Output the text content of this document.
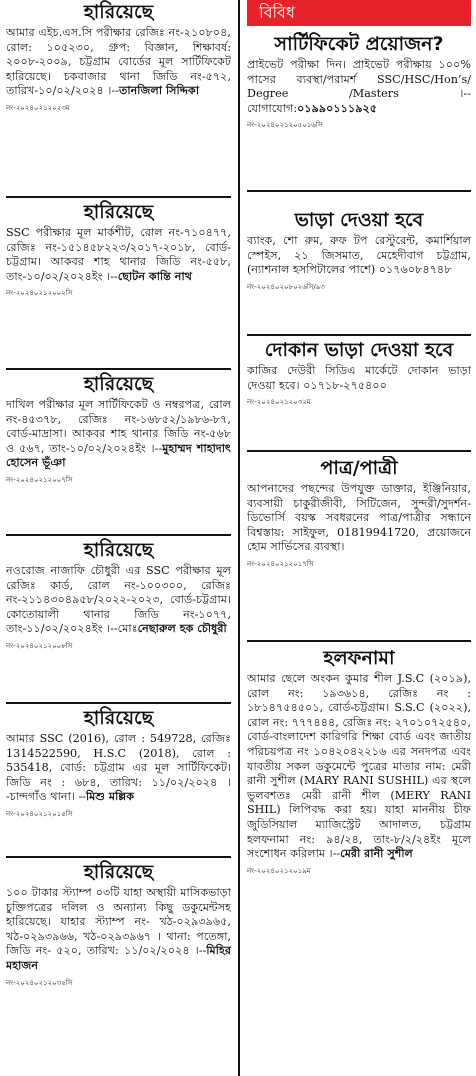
হারিয়েছে
আমার এইচ.এস.সি পরীক্ষার রেজিঃ নং-২১০৮০৪, রোল: ১০৫২৩০, গ্রুপ: বিজ্ঞান, শিক্ষাবর্ষ: ২০০৮-২০০৯, চট্টগ্রাম বোর্ডের মূল সার্টিফিকেট হারিয়েছে। চকবাজার থানা জিডি নং-৫৭২, তারিখ-১০/০২/২০২৪ ।--তানজিলা সিদ্দিকা
নং-২০২৪০২১২০২৩ম
হারিয়েছে
SSC পরীক্ষার মূল মার্কশীট, রোল নং-৭১০৪৭৭, রেজিঃ নং-১৫১৪৫৮২২৩/২০১৭-২০১৮, বোর্ড-চট্টগ্রাম। আকবর শাহ থানার জিডি নং-৫৫৮, তাং-১০/০২/২০২৪ইং ।--ছোটন কান্তি নাথ
নং-২০২৪০২১২০০২সি
হারিয়েছে
দাখিল পরীক্ষার মূল সার্টিফিকেট ও নম্বরপত্র, রোল নং-৪৫৩৭৮, রেজিঃ নং-১৬৮৫২/১৯৮৬-৮৭, বোর্ড-মাদ্রাসা। আকবর শাহ থানার জিডি নং-৫৬৮ ও ৫৬৭, তাং-১০/০২/২০২৪ইং ।--মুহাম্মদ শাহাদাৎ হোসেন ভূঁঞা
নং-২০২৪০২১২০০৭সি
হারিয়েছে
নওরোজ নাজাফি চৌধুরী এর SSC পরীক্ষার মূল রেজিঃ কার্ড, রোল নং-১০০৩০০, রেজিঃ নং-২১১৪৩০৪৯৫৮/২০২২-২০২৩, বোর্ড-চট্টগ্রাম। কোতোয়ালী থানার জিডি নং-১০৭৭, তাং-১১/০২/২০২৪ইং ।--মোঃনেছারুল হক চৌধুরী
নং-২০২৪০২১২০০৮সি
হারিয়েছে
আমার SSC (2016), রোল : 549728, রেজিঃ 1314522590, H.S.C (2018), রোল : 535418, বোর্ড: চট্টগ্রাম এর মূল সার্টিফিকেট। জিডি নং : ৬৮৪, তারিখ: ১১/০২/২০২৪ । -চান্দগাঁও থানা। --মিশু মল্লিক
নং-২০২৪০২১২০১৫সি
হারিয়েছে
১০০ টাকার স্ট্যাম্প ০৩টি যাহা অস্থায়ী মাসিকভাড়া চুক্তিপত্রের দলিল ও অন্যান্য কিছু ডকুমেন্টসহ হারিয়েছে। যাহার স্ট্যাম্প নং- খঠ-০২৯৩৯৬৫, খঠ-০২৯৩৯৬৬, খঠ-০২৯৩৯৬৭ । থানা: পতেঙ্গা, জিডি নং- ৫২০, তারিখ: ১১/০২/২০২৪ ।--মিহির মহাজন
নং-২০২৪০২১২০৩৫সি
বিবিধ
সার্টিফিকেট প্রয়োজন?
প্রাইভেট পরীক্ষা দিন। প্রাইভেট পরীক্ষায় ১০০% পাসের ব্যবস্থা/পরামর্শ SSC/HSC/Hon’s/ Degree /Masters ।--যোগাযোগ:০১৯৯০১১১৯২৫
নং-২০২৪০২১২০৫০১৬সি
ভাড়া দেওয়া হবে
ব্যাংক, শো রুম, রুফ টপ রেস্টুরেন্ট, কমার্শিয়াল স্পেইস, ২১ জিসমাত, মেহেদীবাগ চট্টগ্রাম, (ন্যাশনাল হসপিটালের পাশে) ০১৭৬০৮৪৭৪৮
নং-২০২৪০২০৮০২৬সি/৯৩
দোকান ভাড়া দেওয়া হবে
কাজির দেউরী সিডিএ মার্কেটে দোকান ভাড়া দেওয়া হবে। ০১৭১৮-২৭৫৪০০
নং-২০২৪০২১২০৩২ম
পাত্র/পাত্রী
আপনাদের পছন্দের উপযুক্ত ডাক্তার, ইঞ্জিনিয়ার, ব্যবসায়ী চাকুরীজীবী, সিটিজেন, সুন্দরী/সুদর্শন-ডিভোর্সি বয়স্ক সবধরনের পাত্র/পাত্রীর সন্ধানে বিশ্বস্তায়: সাইফুল, 01819941720, প্রয়োজনে হোম সার্ভিসের ব্যবস্থা।
নং-২০২৪০২১২০১৭সি
হলফনামা
আমার ছেলে অংকন কুমার শীল J.S.C (২০১৯), রোল নং: ১৯৩৬১৪, রেজিঃ নং : ১৮১৪৭৫৪৫০১, বোর্ড-চট্টগ্রাম। S.S.C (২০২২), রোল নং: ৭৭৭৪৪৪, রেজিঃ নং: ২৭০১০৭২৫৪০, বোর্ড-বাংলাদেশ কারিগরি শিক্ষা বোর্ড এবং জাতীয় পরিচয়পত্র নং ১০৪২০৪২২১৬ এর সনদপত্র এবং যাবতীয় সকল ডকুমেন্টে পুত্রের মাতার নাম: মেরী রানী সুশীল (MARY RANI SUSHIL) এর স্থলে ভুলবশতঃ মেরী রানী শীল (MERY RANI SHIL) লিপিবদ্ধ করা হয়। যাহা মাননীয় চীফ জুডিসিয়াল ম্যাজিস্ট্রেট আদালত, চট্টগ্রাম হলফনামা নং: ৯৪/২৪, তাং-৮/২/২৪ইং মূলে সংশোধন করিলাম ।--মেরী রানী সুশীল
নং-২০২৪০২১২০১৯ম
